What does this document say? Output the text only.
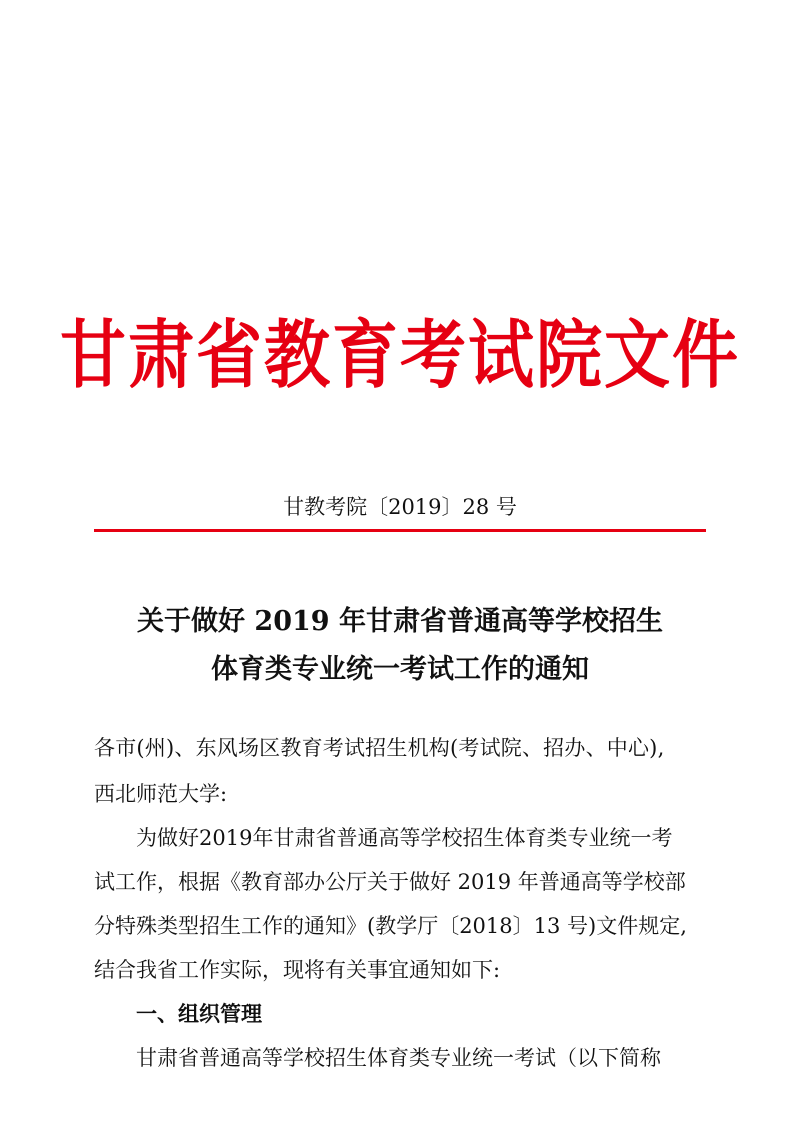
甘肃省教育考试院文件
甘教考院〔2019〕28 号
关于做好 2019 年甘肃省普通高等学校招生
体育类专业统一考试工作的通知
各市(州)、东风场区教育考试招生机构(考试院、招办、中心),
西北师范大学:
为做好2019年甘肃省普通高等学校招生体育类专业统一考
试工作，根据《教育部办公厅关于做好 2019 年普通高等学校部
分特殊类型招生工作的通知》(教学厅〔2018〕13 号)文件规定,
结合我省工作实际，现将有关事宜通知如下:
一、组织管理
甘肃省普通高等学校招生体育类专业统一考试（以下简称
